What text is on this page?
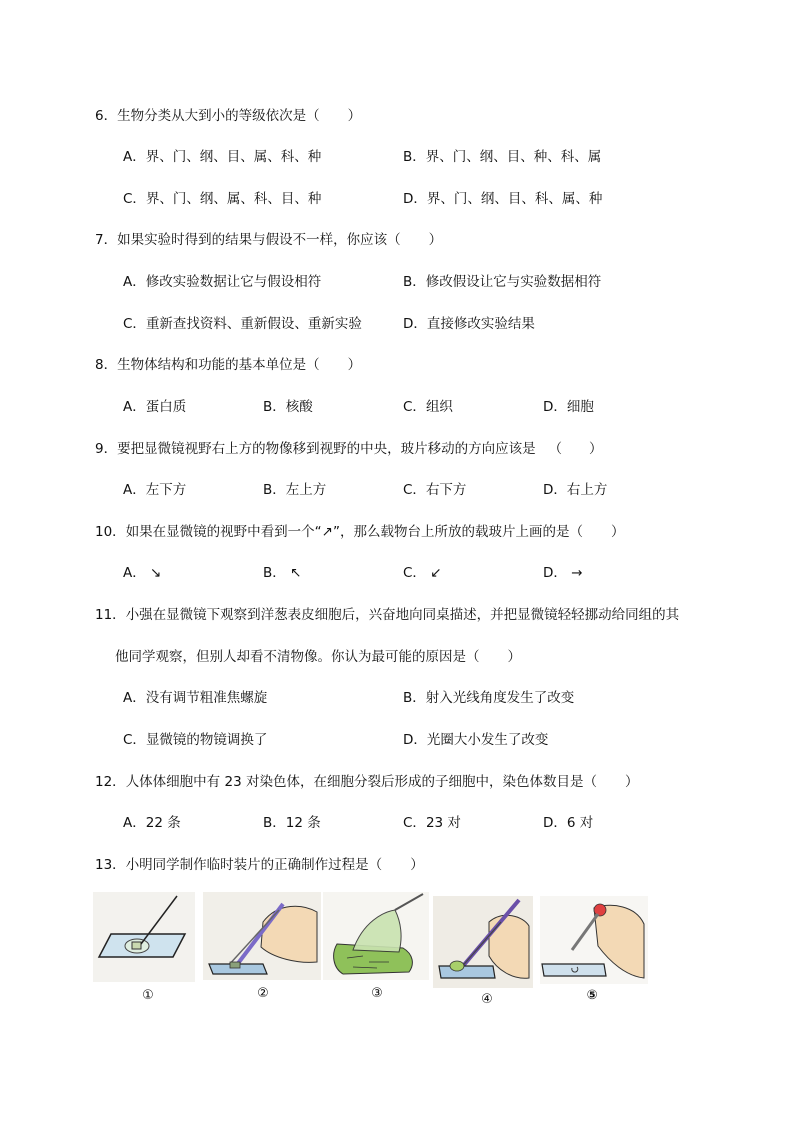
6．生物分类从大到小的等级依次是（ ）
A．界、门、纲、目、属、科、种	B．界、门、纲、目、种、科、属
C．界、门、纲、属、科、目、种	D．界、门、纲、目、科、属、种
7．如果实验时得到的结果与假设不一样，你应该（ ）
A．修改实验数据让它与假设相符	B．修改假设让它与实验数据相符
C．重新查找资料、重新假设、重新实验	D．直接修改实验结果
8．生物体结构和功能的基本单位是（ ）
A．蛋白质	B．核酸	C．组织	D．细胞
9．要把显微镜视野右上方的物像移到视野的中央，玻片移动的方向应该是 （　　）
A．左下方	B．左上方	C．右下方	D．右上方
10．如果在显微镜的视野中看到一个“↗”，那么载物台上所放的载玻片上画的是（ ）
A． ↘	B． ↖	C． ↙	D． →
11．小强在显微镜下观察到洋葱表皮细胞后，兴奋地向同桌描述，并把显微镜轻轻挪动给同组的其
他同学观察，但别人却看不清物像。你认为最可能的原因是（ ）
A．没有调节粗准焦螺旋	B．射入光线角度发生了改变
C．显微镜的物镜调换了	D．光圈大小发生了改变
12．人体体细胞中有 23 对染色体，在细胞分裂后形成的子细胞中，染色体数目是（ ）
A．22 条	B．12 条	C．23 对	D．6 对
13．小明同学制作临时装片的正确制作过程是（ ）
①	②	③	④	⑤
